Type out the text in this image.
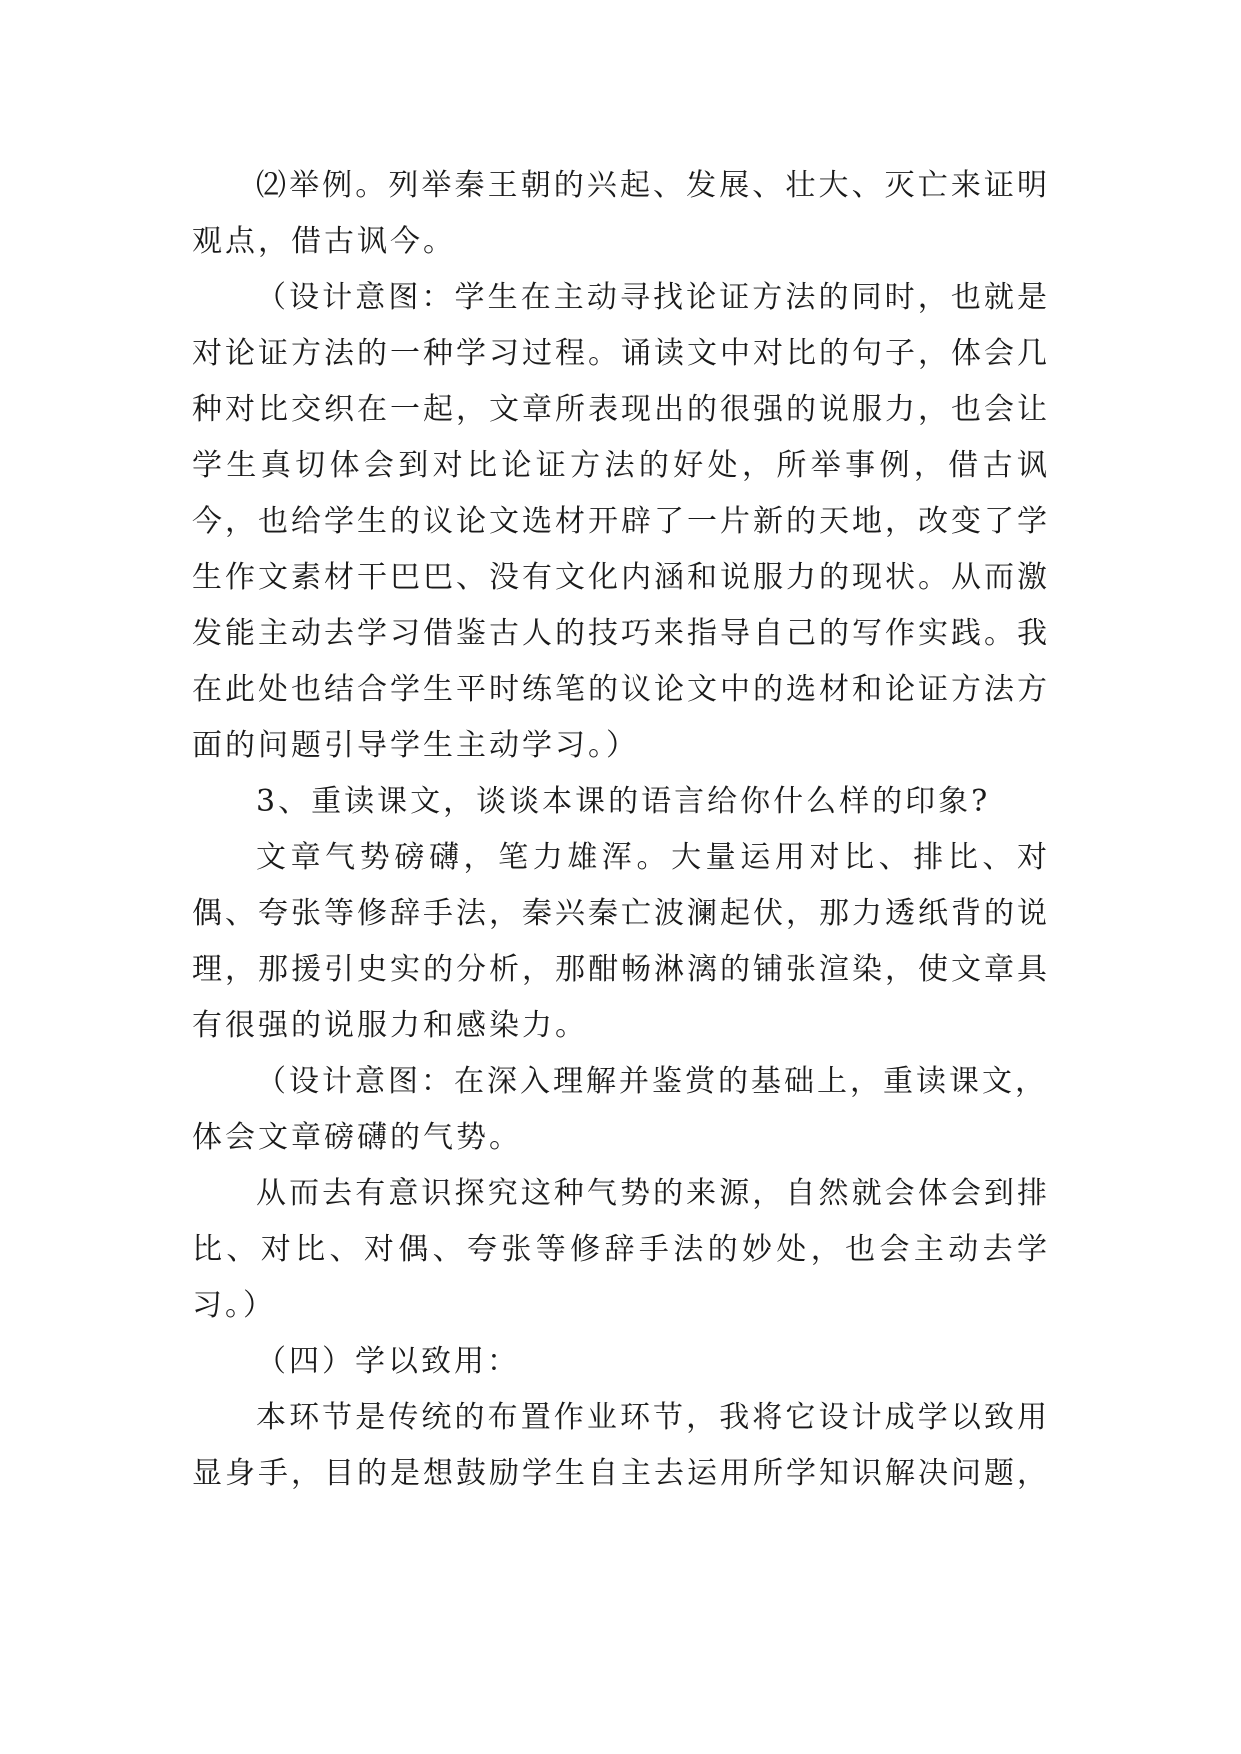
⑵举例。列举秦王朝的兴起、发展、壮大、灭亡来证明观点，借古讽今。

（设计意图：学生在主动寻找论证方法的同时，也就是对论证方法的一种学习过程。诵读文中对比的句子，体会几种对比交织在一起，文章所表现出的很强的说服力，也会让学生真切体会到对比论证方法的好处，所举事例，借古讽今，也给学生的议论文选材开辟了一片新的天地，改变了学生作文素材干巴巴、没有文化内涵和说服力的现状。从而激发能主动去学习借鉴古人的技巧来指导自己的写作实践。我在此处也结合学生平时练笔的议论文中的选材和论证方法方面的问题引导学生主动学习。）

3、重读课文，谈谈本课的语言给你什么样的印象?

文章气势磅礴，笔力雄浑。大量运用对比、排比、对偶、夸张等修辞手法，秦兴秦亡波澜起伏，那力透纸背的说理，那援引史实的分析，那酣畅淋漓的铺张渲染，使文章具有很强的说服力和感染力。

（设计意图：在深入理解并鉴赏的基础上，重读课文，

体会文章磅礴的气势。

从而去有意识探究这种气势的来源，自然就会体会到排比、对比、对偶、夸张等修辞手法的妙处，也会主动去学习。）

（四）学以致用：

本环节是传统的布置作业环节，我将它设计成学以致用显身手，目的是想鼓励学生自主去运用所学知识解决问题，
